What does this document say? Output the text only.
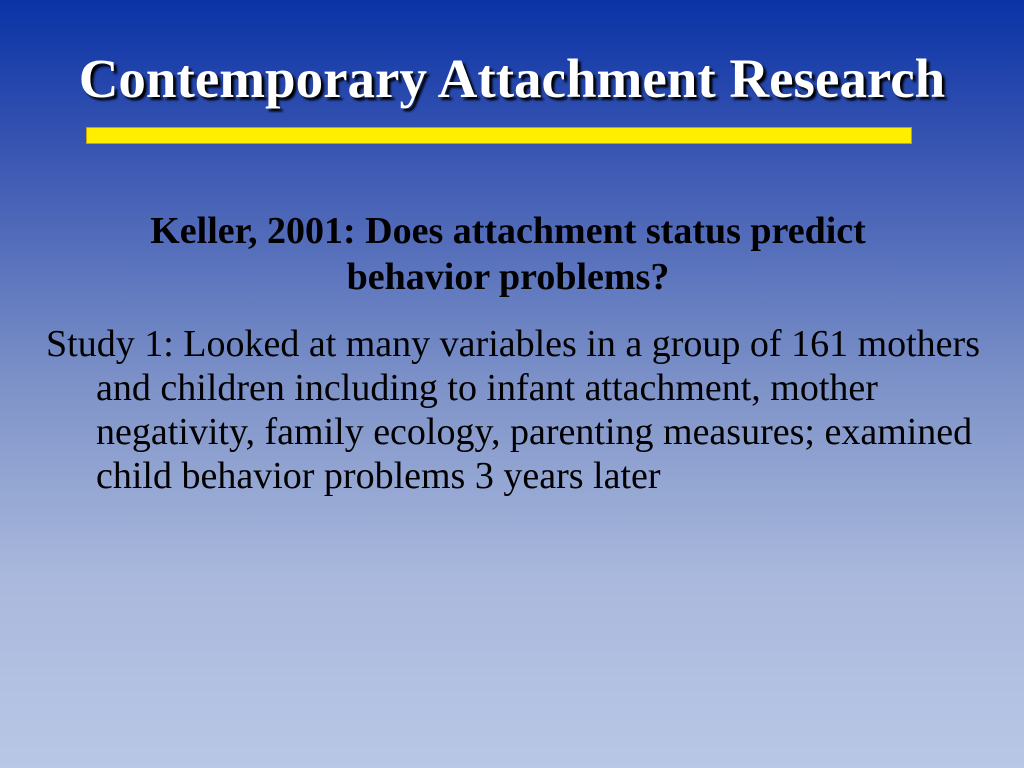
Contemporary Attachment Research
Keller, 2001: Does attachment status predict
behavior problems?

Study 1: Looked at many variables in a group of 161 mothers and children including to infant attachment, mother negativity, family ecology, parenting measures; examined child behavior problems 3 years later
